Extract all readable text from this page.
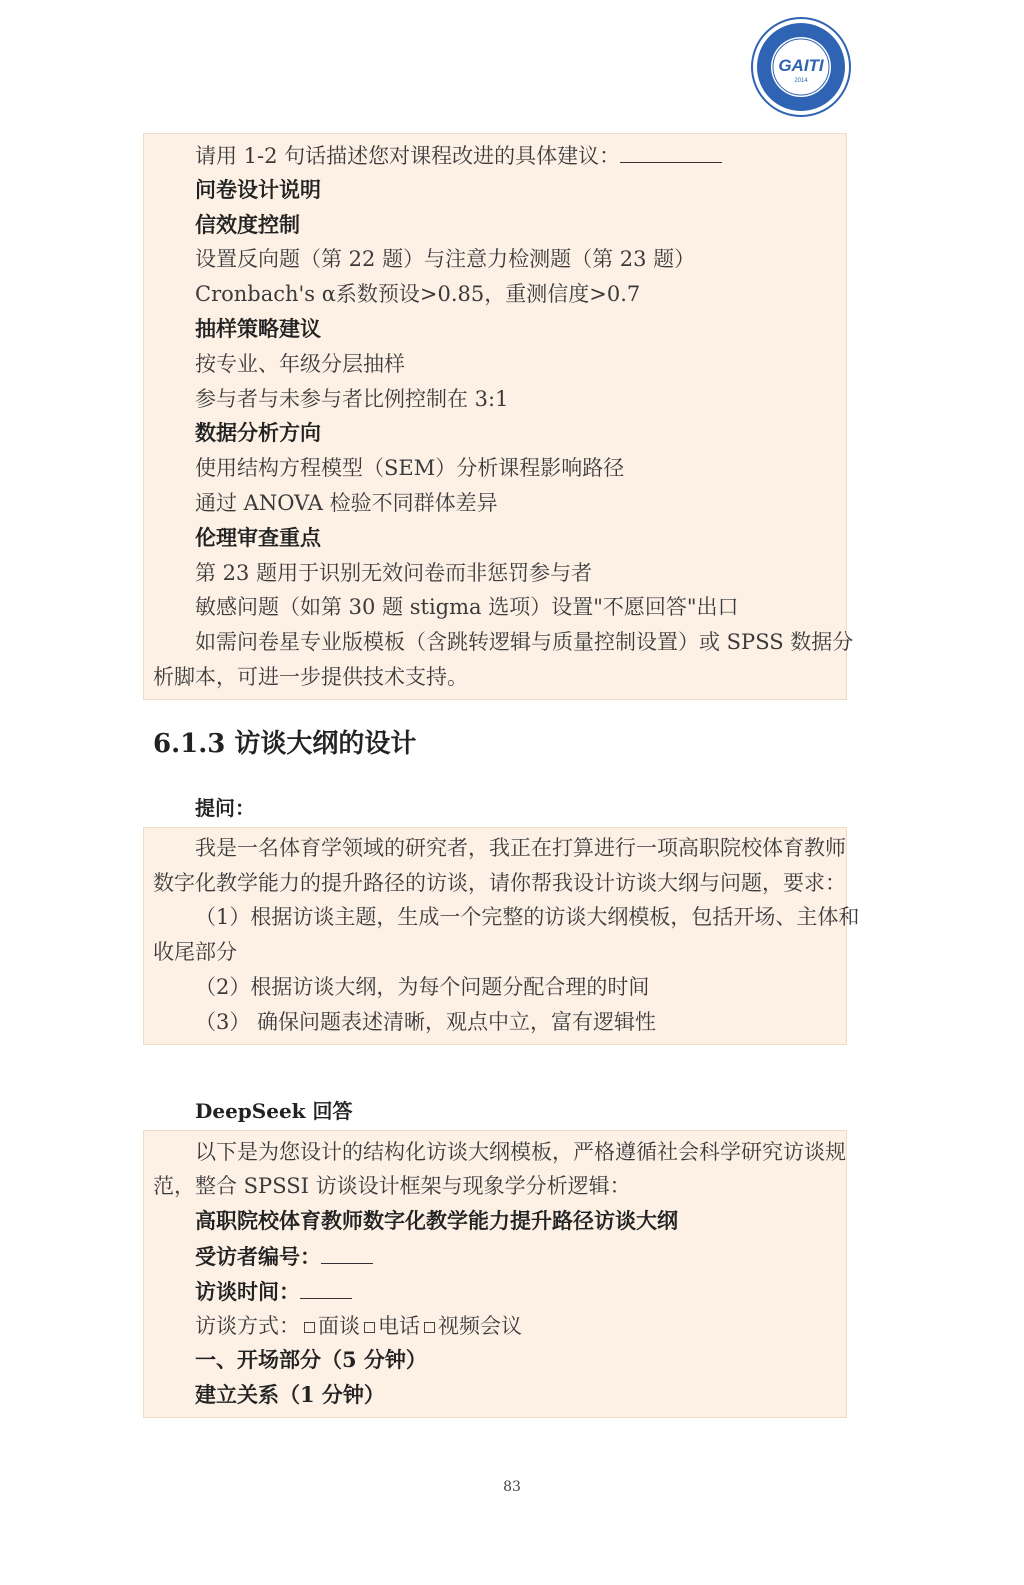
GAITI
2014
请用 1-2 句话描述您对课程改进的具体建议：
问卷设计说明
信效度控制
设置反向题（第 22 题）与注意力检测题（第 23 题）
Cronbach's α系数预设>0.85，重测信度>0.7
抽样策略建议
按专业、年级分层抽样
参与者与未参与者比例控制在 3:1
数据分析方向
使用结构方程模型（SEM）分析课程影响路径
通过 ANOVA 检验不同群体差异
伦理审查重点
第 23 题用于识别无效问卷而非惩罚参与者
敏感问题（如第 30 题 stigma 选项）设置"不愿回答"出口
如需问卷星专业版模板（含跳转逻辑与质量控制设置）或 SPSS 数据分
析脚本，可进一步提供技术支持。
6.1.3 访谈大纲的设计
提问：
我是一名体育学领域的研究者，我正在打算进行一项高职院校体育教师
数字化教学能力的提升路径的访谈，请你帮我设计访谈大纲与问题，要求：
（1）根据访谈主题，生成一个完整的访谈大纲模板，包括开场、主体和
收尾部分
（2）根据访谈大纲，为每个问题分配合理的时间
（3） 确保问题表述清晰，观点中立，富有逻辑性
DeepSeek 回答
以下是为您设计的结构化访谈大纲模板，严格遵循社会科学研究访谈规
范，整合 SPSSI 访谈设计框架与现象学分析逻辑：
高职院校体育教师数字化教学能力提升路径访谈大纲
受访者编号：
访谈时间：
访谈方式： 面谈 电话 视频会议
一、开场部分（5 分钟）
建立关系（1 分钟）
83
